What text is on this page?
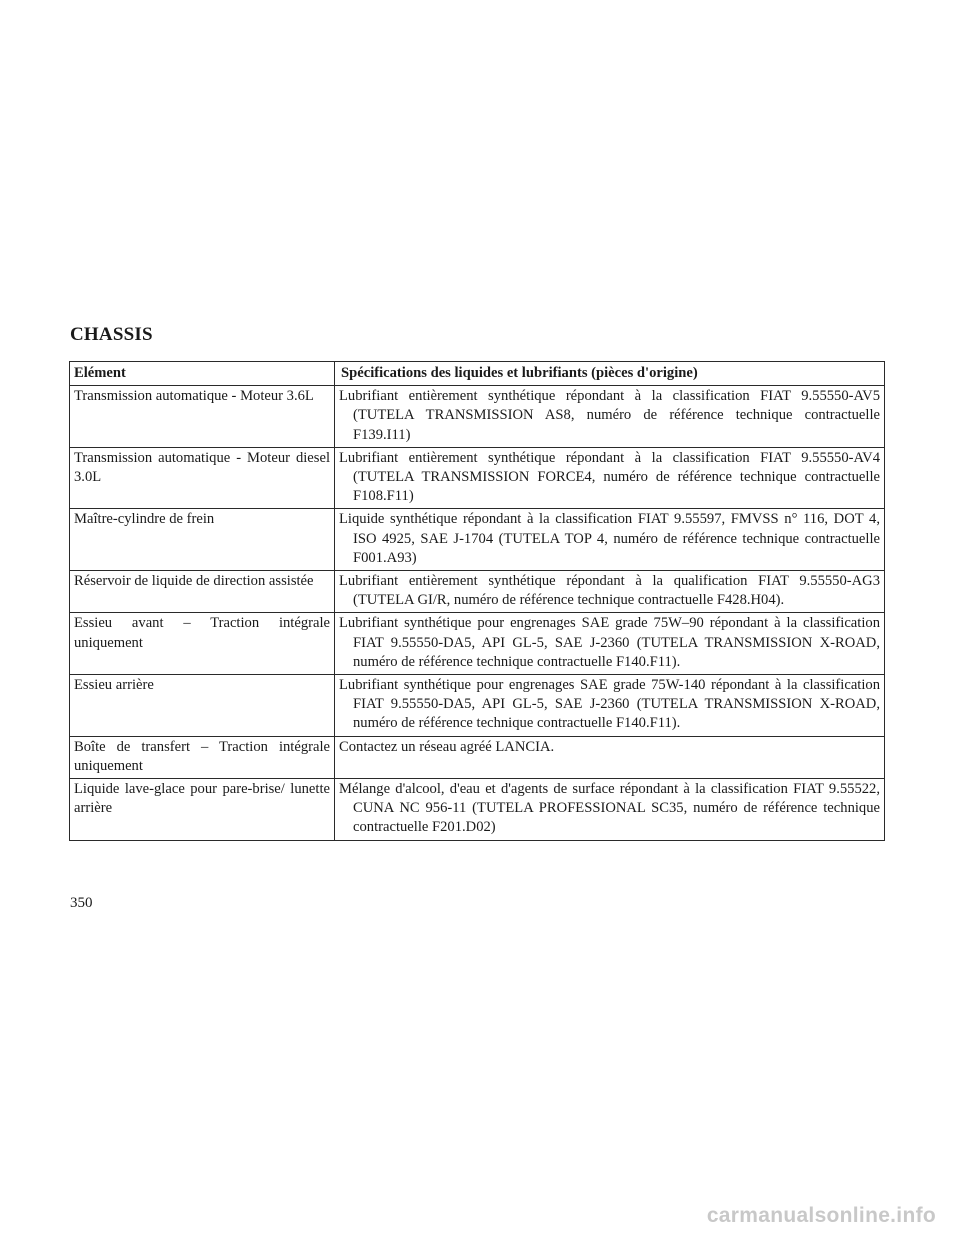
CHASSIS
Elément	Spécifications des liquides et lubrifiants (pièces d'origine)
Transmission automatique - Moteur 3.6L	Lubrifiant entièrement synthétique répondant à la classification FIAT 9.55550-AV5 (TUTELA TRANSMISSION AS8, numéro de référence technique contractuelle F139.I11)

Transmission automatique - Moteur diesel 3.0L	Lubrifiant entièrement synthétique répondant à la classification FIAT 9.55550-AV4 (TUTELA TRANSMISSION FORCE4, numéro de référence technique contractuelle F108.F11)

Maître-cylindre de frein	Liquide synthétique répondant à la classification FIAT 9.55597, FMVSS n° 116, DOT 4, ISO 4925, SAE J-1704 (TUTELA TOP 4, numéro de référence technique contractuelle F001.A93)

Réservoir de liquide de direction assistée	Lubrifiant entièrement synthétique répondant à la qualification FIAT 9.55550-AG3 (TUTELA GI/R, numéro de référence technique contractuelle F428.H04).

Essieu avant – Traction intégrale uniquement	Lubrifiant synthétique pour engrenages SAE grade 75W–90 répondant à la classification FIAT 9.55550-DA5, API GL-5, SAE J-2360 (TUTELA TRANSMISSION X-ROAD, numéro de référence technique contractuelle F140.F11).

Essieu arrière	Lubrifiant synthétique pour engrenages SAE grade 75W-140 répondant à la classification FIAT 9.55550-DA5, API GL-5, SAE J-2360 (TUTELA TRANSMISSION X-ROAD, numéro de référence technique contractuelle F140.F11).

Boîte de transfert – Traction intégrale uniquement	Contactez un réseau agréé LANCIA.

Liquide lave-glace pour pare-brise/ lunette arrière	Mélange d'alcool, d'eau et d'agents de surface répondant à la classification FIAT 9.55522, CUNA NC 956-11 (TUTELA PROFESSIONAL SC35, numéro de référence technique contractuelle F201.D02)
350
carmanualsonline.info
